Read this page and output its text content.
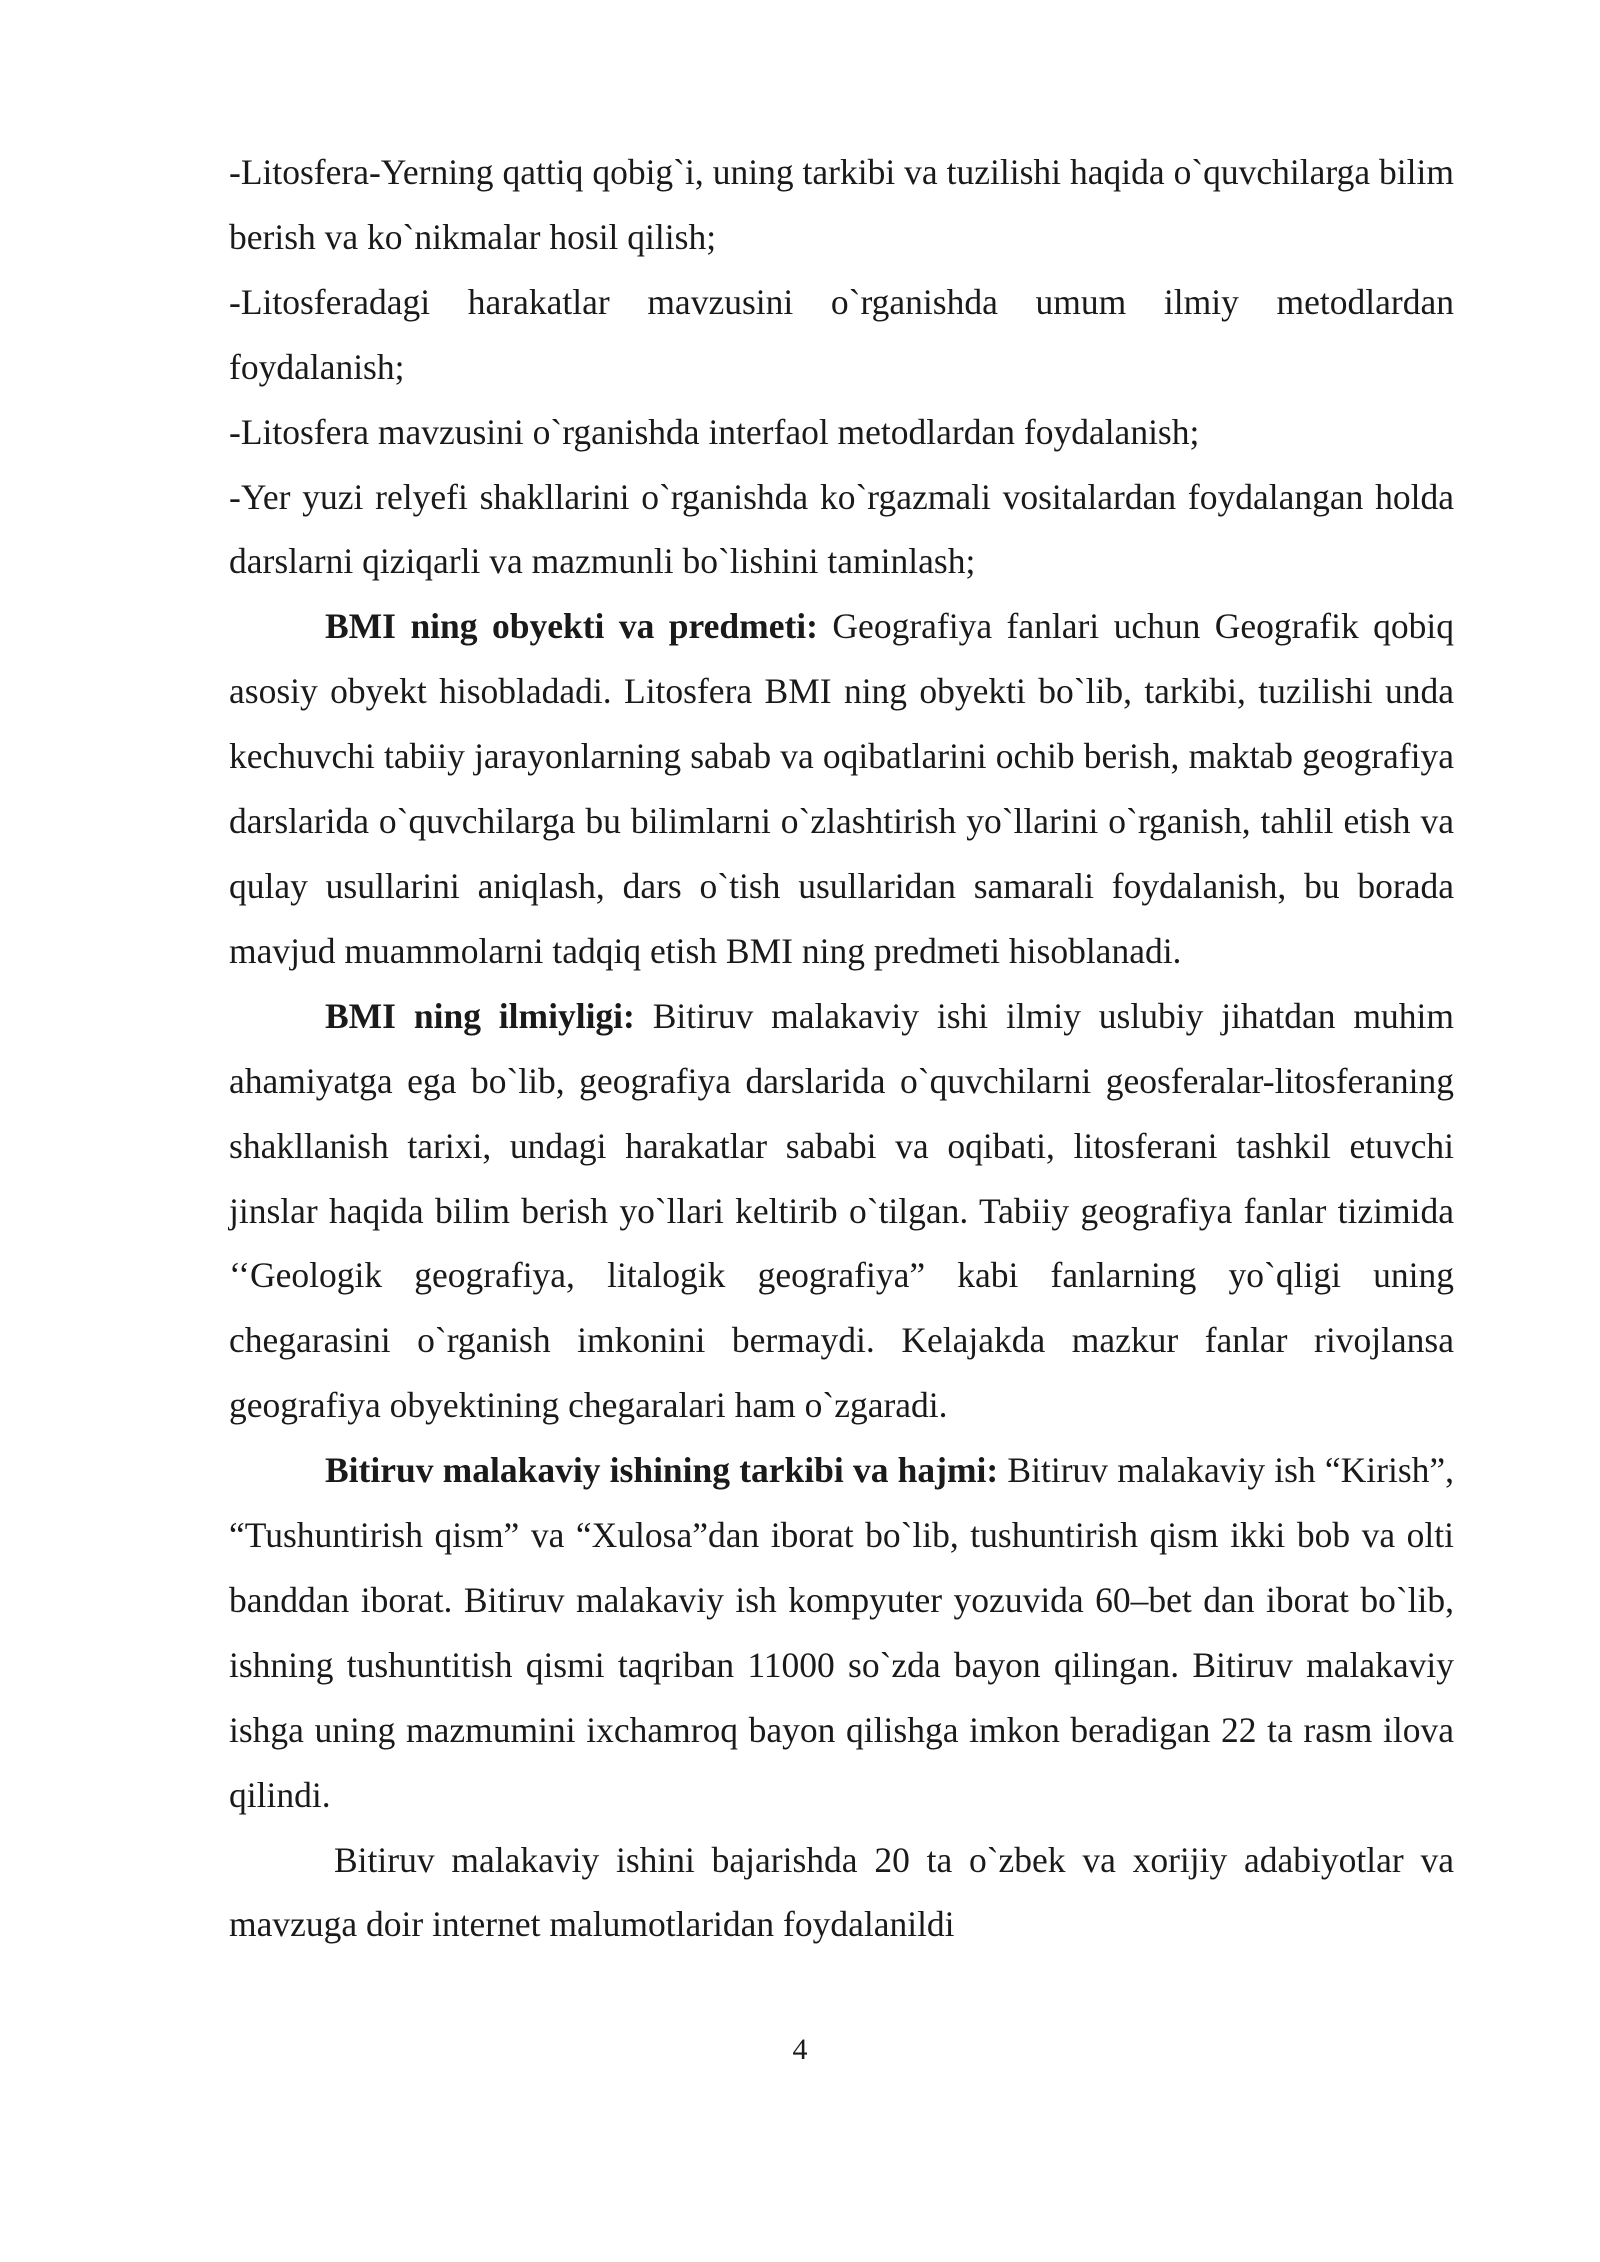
-Litosfera-Yerning qattiq qobig`i, uning tarkibi va tuzilishi haqida o`quvchilarga bilim berish va ko`nikmalar hosil qilish;

-Litosferadagi harakatlar mavzusini o`rganishda umum ilmiy metodlardan foydalanish;

-Litosfera mavzusini o`rganishda interfaol metodlardan foydalanish;

-Yer yuzi relyefi shakllarini o`rganishda ko`rgazmali vositalardan foydalangan holda darslarni qiziqarli va mazmunli bo`lishini taminlash;

BMI ning obyekti va predmeti: Geografiya fanlari uchun Geografik qobiq asosiy obyekt hisobladadi. Litosfera BMI ning obyekti bo`lib, tarkibi, tuzilishi unda kechuvchi tabiiy jarayonlarning sabab va oqibatlarini ochib berish, maktab geografiya darslarida o`quvchilarga bu bilimlarni o`zlashtirish yo`llarini o`rganish, tahlil etish va qulay usullarini aniqlash, dars o`tish usullaridan samarali foydalanish, bu borada mavjud muammolarni tadqiq etish BMI ning predmeti hisoblanadi.

BMI ning ilmiyligi: Bitiruv malakaviy ishi ilmiy uslubiy jihatdan muhim ahamiyatga ega bo`lib, geografiya darslarida o`quvchilarni geosferalar-litosferaning shakllanish tarixi, undagi harakatlar sababi va oqibati, litosferani tashkil etuvchi jinslar haqida bilim berish yo`llari keltirib o`tilgan. Tabiiy geografiya fanlar tizimida ‘‘Geologik geografiya, litalogik geografiya” kabi fanlarning yo`qligi uning chegarasini o`rganish imkonini bermaydi. Kelajakda mazkur fanlar rivojlansa geografiya obyektining chegaralari ham o`zgaradi.

Bitiruv malakaviy ishining tarkibi va hajmi: Bitiruv malakaviy ish “Kirish”, “Tushuntirish qism” va “Xulosa”dan iborat bo`lib, tushuntirish qism ikki bob va olti banddan iborat. Bitiruv malakaviy ish kompyuter yozuvida 60–bet dan iborat bo`lib, ishning tushuntitish qismi taqriban 11000 so`zda bayon qilingan. Bitiruv malakaviy ishga uning mazmumini ixchamroq bayon qilishga imkon beradigan 22 ta rasm ilova qilindi.

Bitiruv malakaviy ishini bajarishda 20 ta o`zbek va xorijiy adabiyotlar va mavzuga doir internet malumotlaridan foydalanildi

4
